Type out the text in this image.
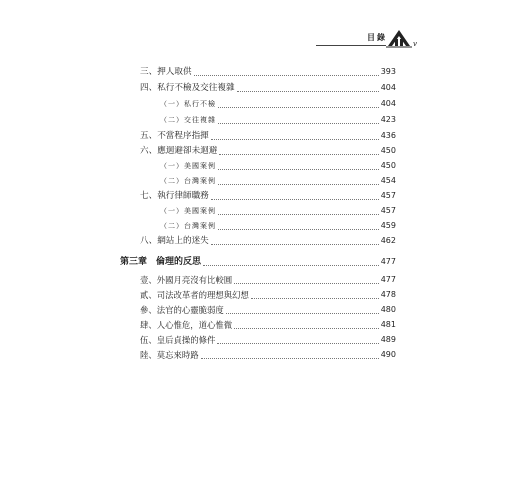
目錄
v
三、押人取供	393
四、私行不檢及交往複雜	404
（一）私行不檢	404
（二）交往複雜	423
五、不當程序指揮	436
六、應迴避卻未迴避	450
（一）美國案例	450
（二）台灣案例	454
七、執行律師職務	457
（一）美國案例	457
（二）台灣案例	459
八、網站上的迷失	462
第三章　倫理的反思	477
壹、外國月亮沒有比較圓	477
貳、司法改革者的理想與幻想	478
參、法官的心靈脆弱度	480
肆、人心惟危，道心惟微	481
伍、皇后貞操的條件	489
陸、莫忘來時路	490
